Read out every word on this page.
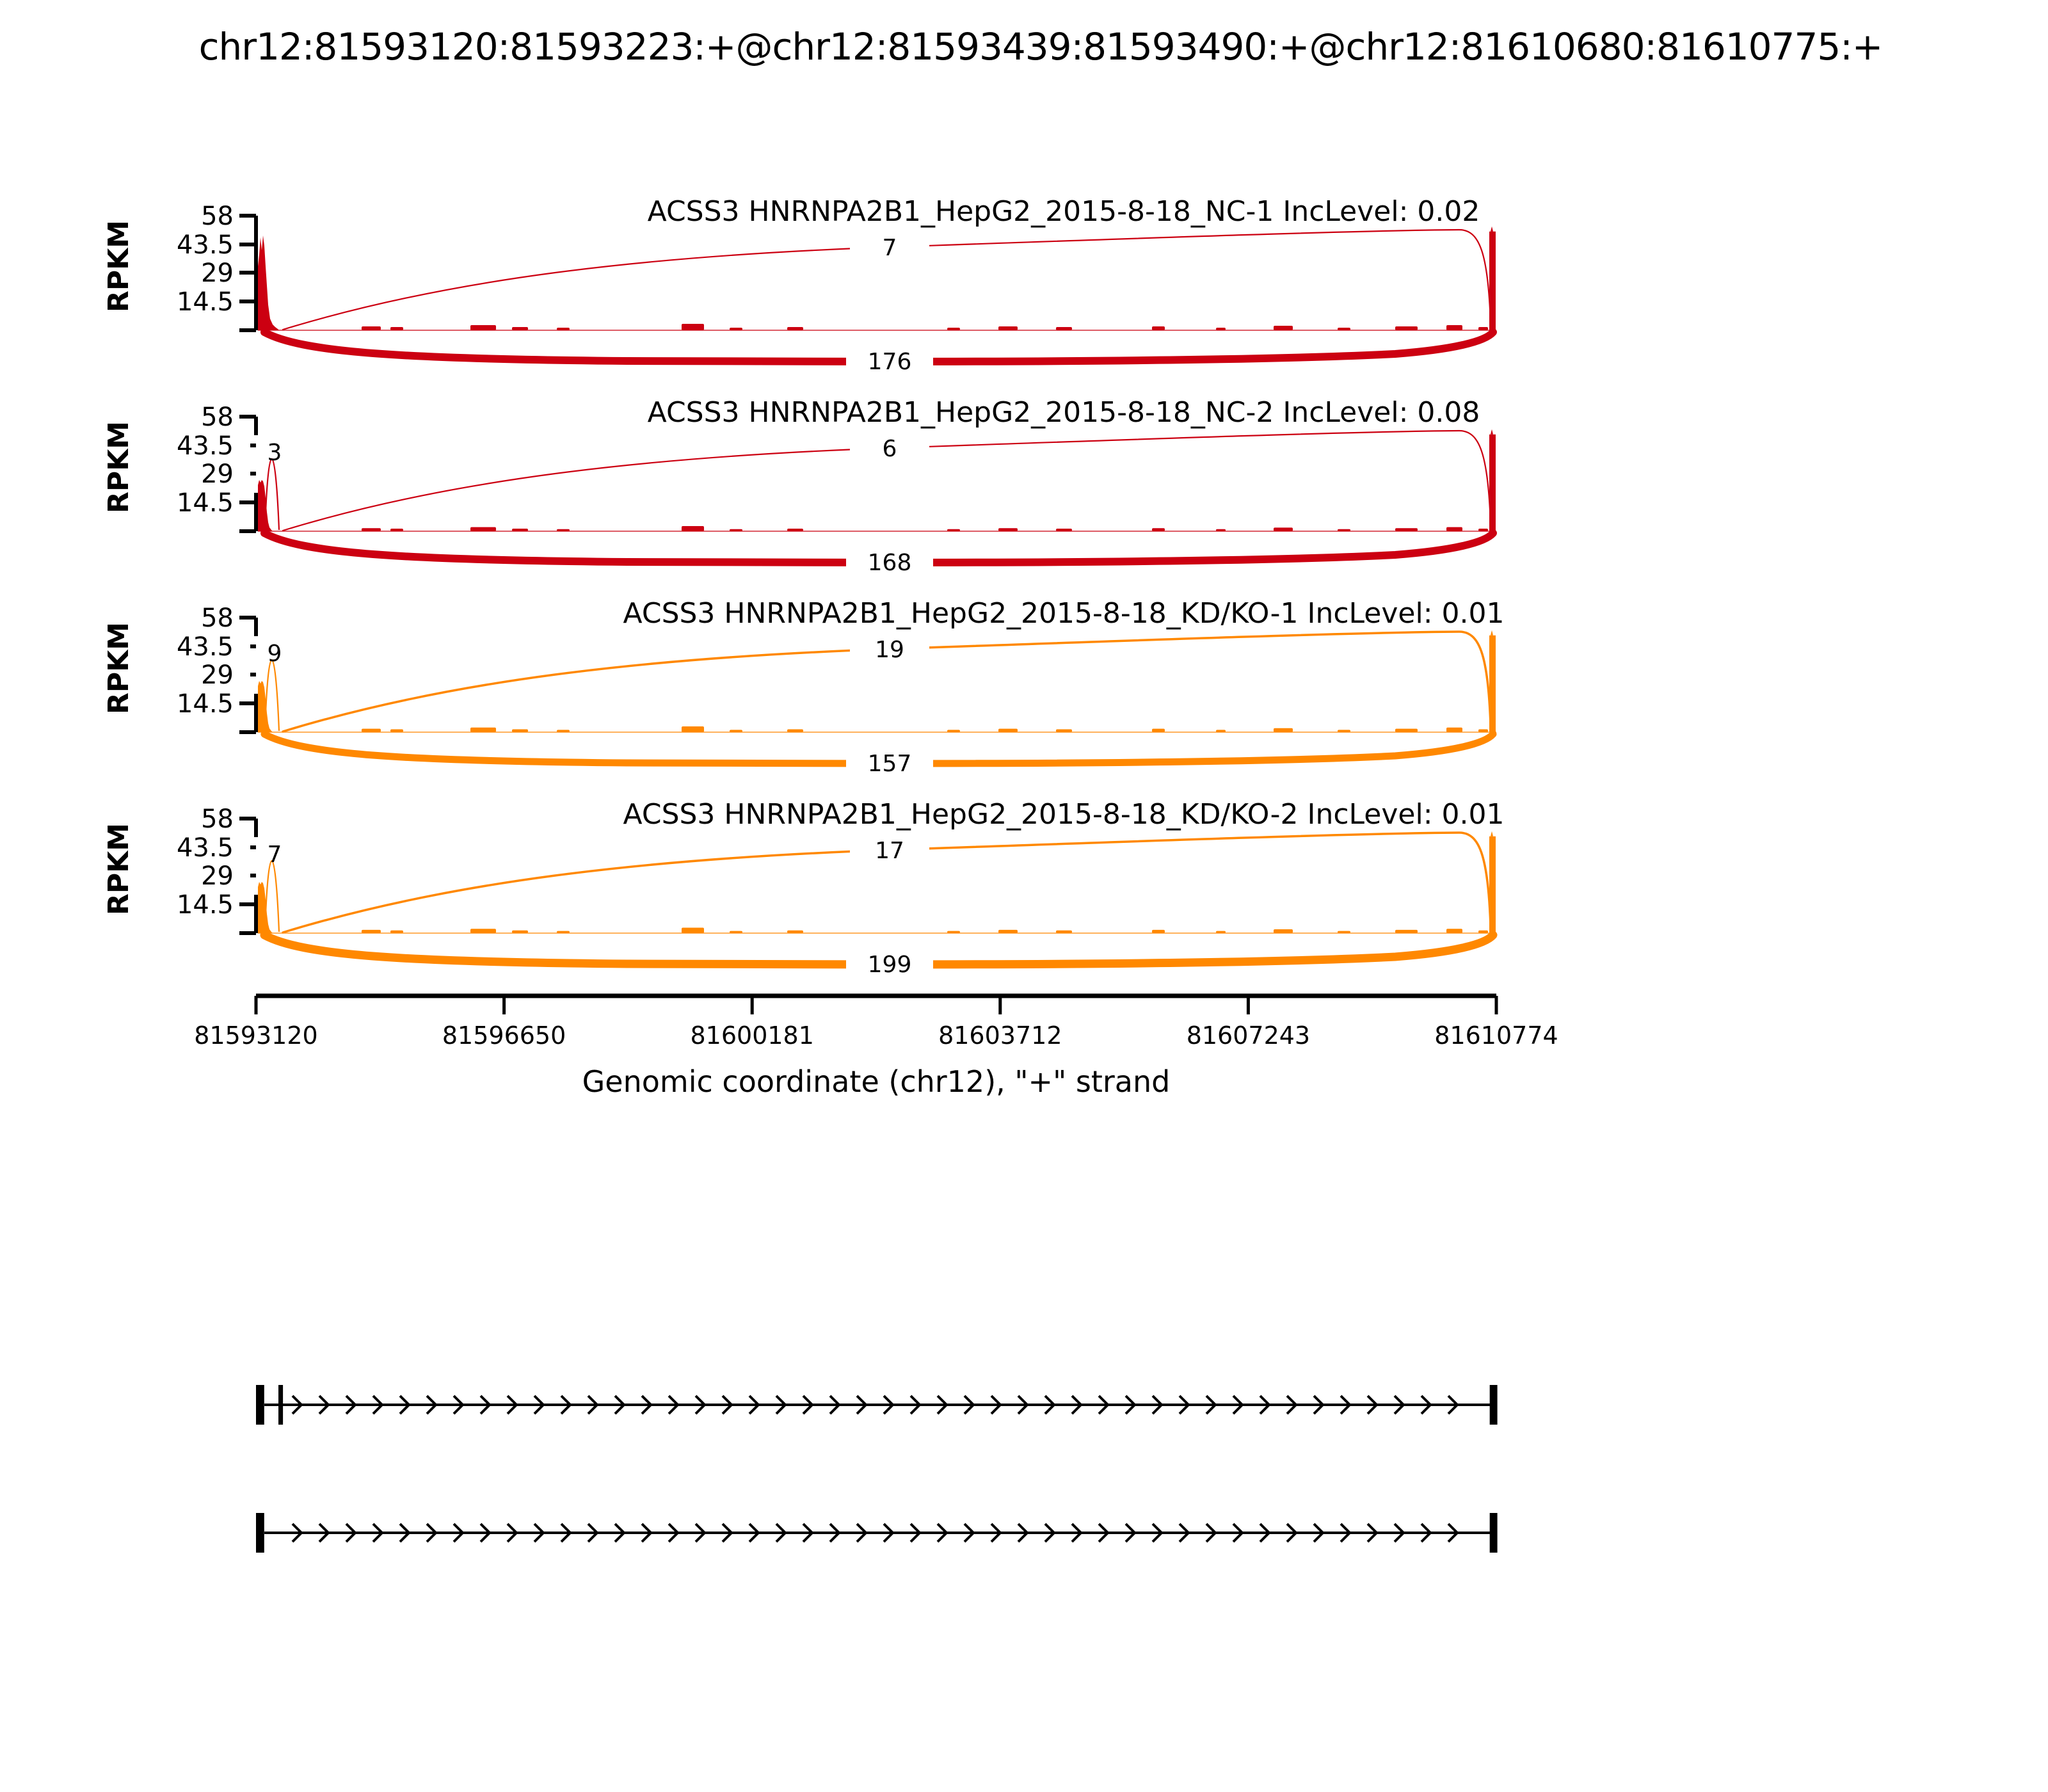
chr12:81593120:81593223:+@chr12:81593439:81593490:+@chr12:81610680:81610775:+
ACSS3 HNRNPA2B1_HepG2_2015-8-18_NC-1 IncLevel: 0.02
58
43.5
29
14.5
RPKM	7
176
ACSS3 HNRNPA2B1_HepG2_2015-8-18_NC-2 IncLevel: 0.08
58
43.5
29
14.5
RPKM	3	6
168
ACSS3 HNRNPA2B1_HepG2_2015-8-18_KD/KO-1 IncLevel: 0.01
58
43.5
29
14.5
RPKM	9	19
157
ACSS3 HNRNPA2B1_HepG2_2015-8-18_KD/KO-2 IncLevel: 0.01
58
43.5
29
14.5
RPKM	7	17
199
81593120	81596650	81600181	81603712	81607243	81610774
Genomic coordinate (chr12), "+" strand
